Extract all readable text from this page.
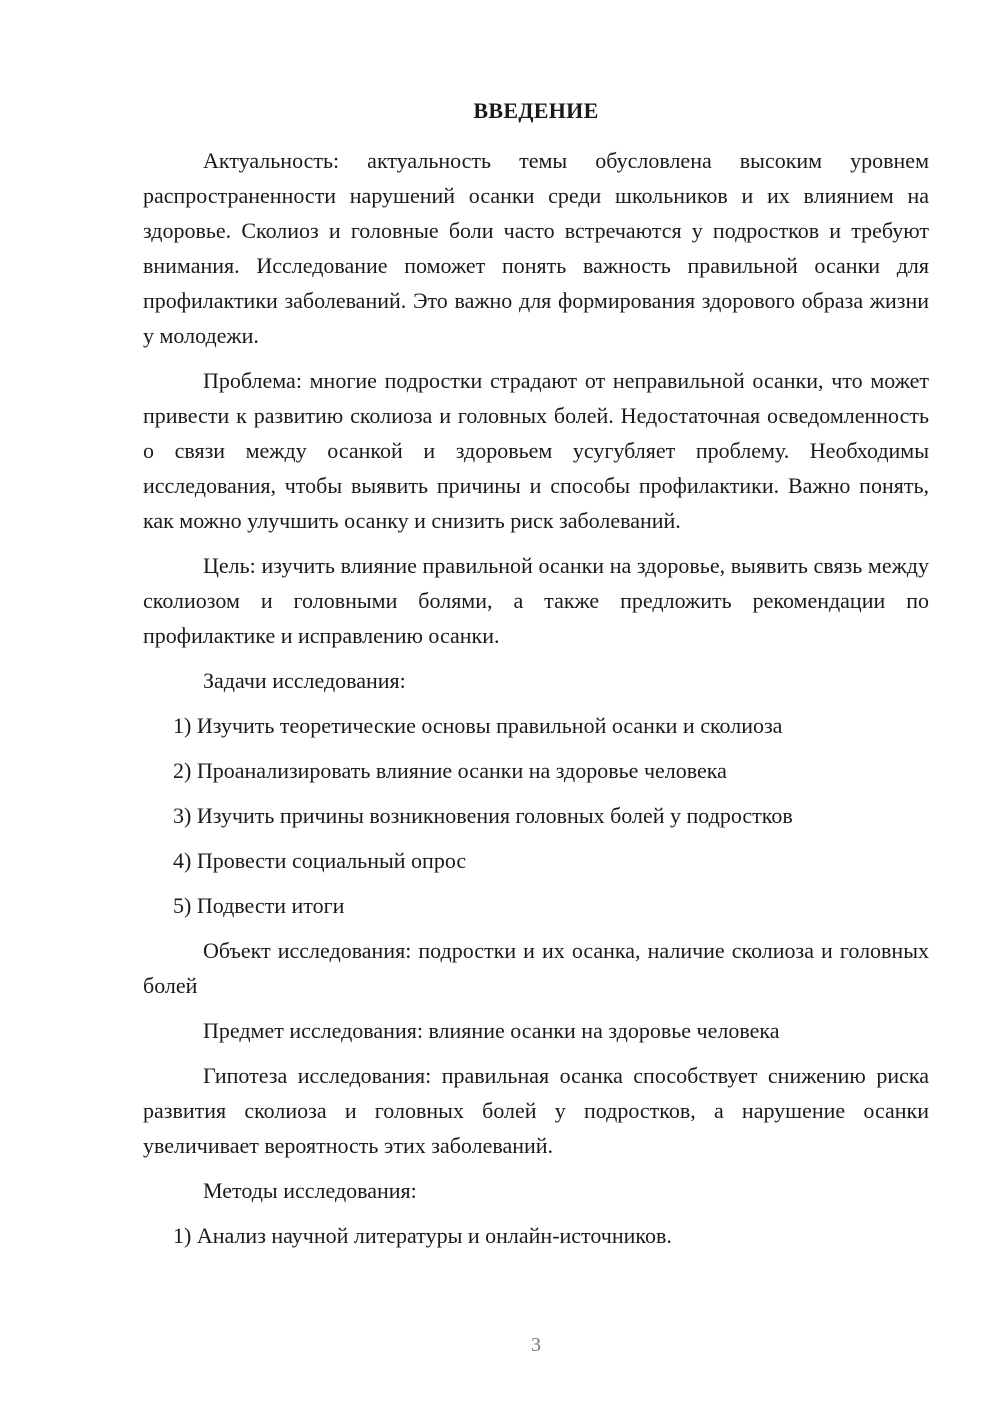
ВВЕДЕНИЕ

Актуальность: актуальность темы обусловлена высоким уровнем распространенности нарушений осанки среди школьников и их влиянием на здоровье. Сколиоз и головные боли часто встречаются у подростков и требуют внимания. Исследование поможет понять важность правильной осанки для профилактики заболеваний. Это важно для формирования здорового образа жизни у молодежи.

Проблема: многие подростки страдают от неправильной осанки, что может привести к развитию сколиоза и головных болей. Недостаточная осведомленность о связи между осанкой и здоровьем усугубляет проблему. Необходимы исследования, чтобы выявить причины и способы профилактики. Важно понять, как можно улучшить осанку и снизить риск заболеваний.

Цель: изучить влияние правильной осанки на здоровье, выявить связь между сколиозом и головными болями, а также предложить рекомендации по профилактике и исправлению осанки.

Задачи исследования:

1) Изучить теоретические основы правильной осанки и сколиоза
2) Проанализировать влияние осанки на здоровье человека
3) Изучить причины возникновения головных болей у подростков
4) Провести социальный опрос
5) Подвести итоги

Объект исследования: подростки и их осанка, наличие сколиоза и головных болей

Предмет исследования: влияние осанки на здоровье человека

Гипотеза исследования: правильная осанка способствует снижению риска развития сколиоза и головных болей у подростков, а нарушение осанки увеличивает вероятность этих заболеваний.

Методы исследования:

1) Анализ научной литературы и онлайн-источников.
3
